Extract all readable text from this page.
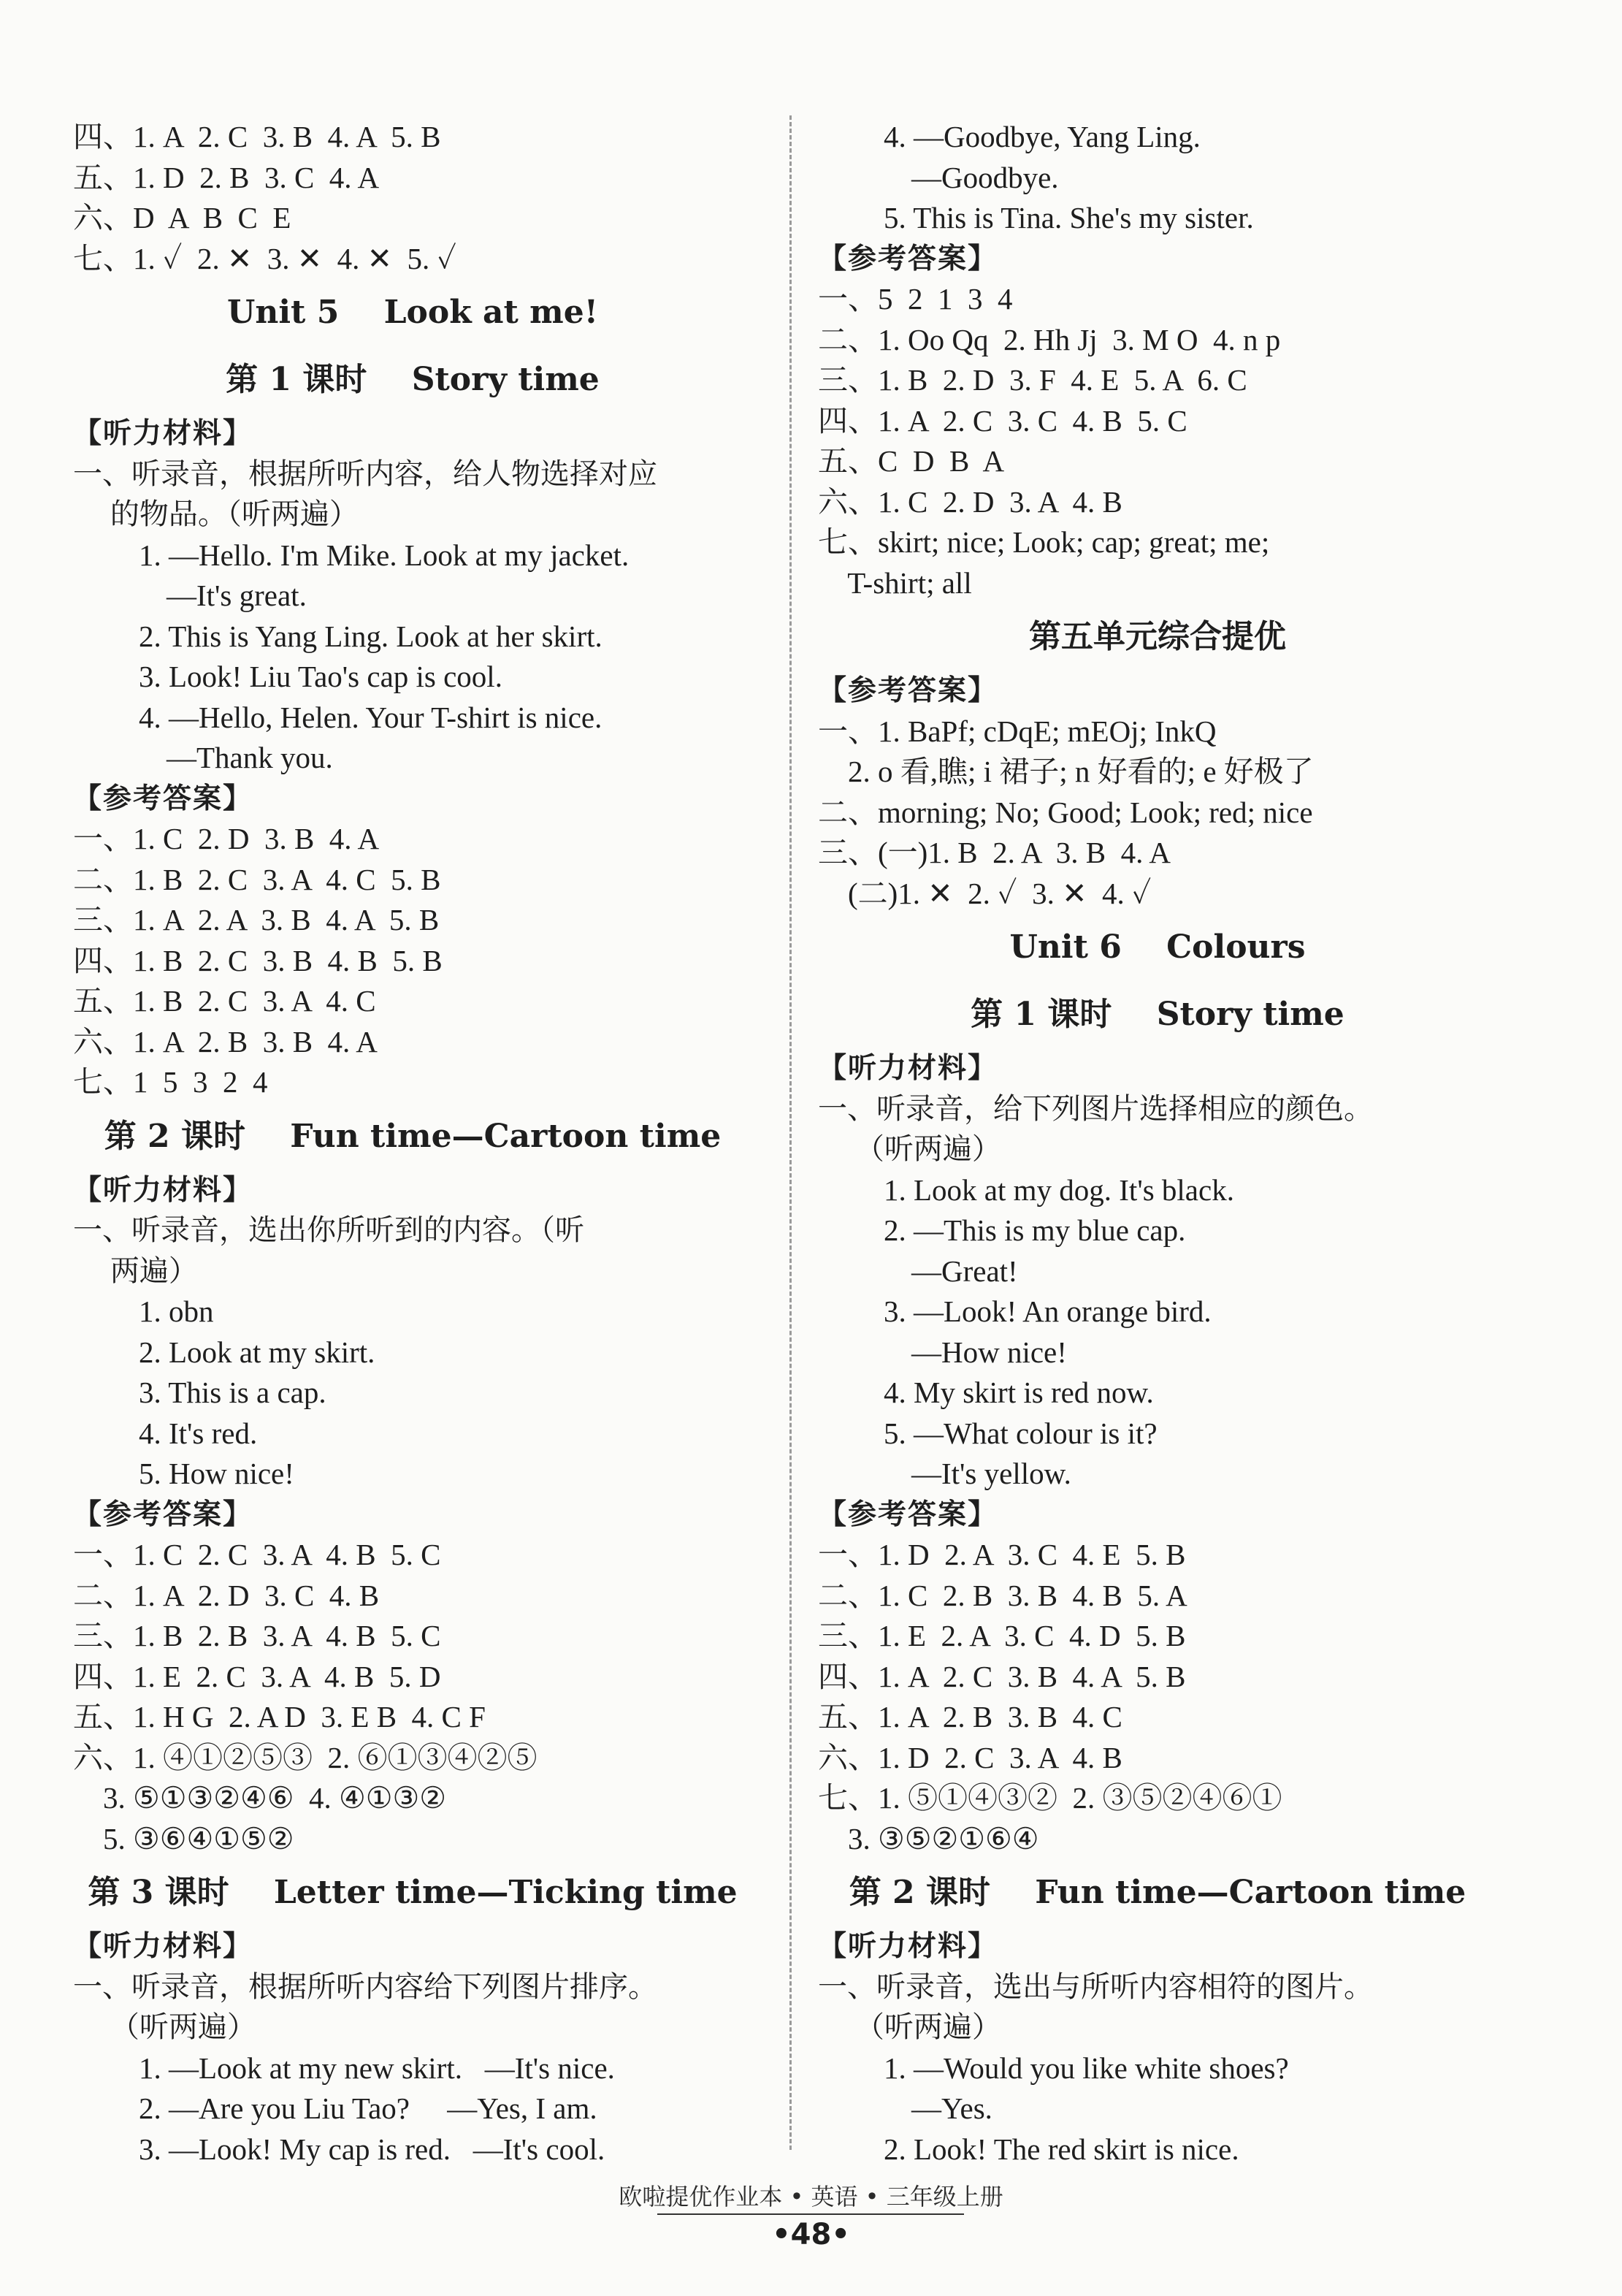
四、1. A  2. C  3. B  4. A  5. B
五、1. D  2. B  3. C  4. A
六、D  A  B  C  E
七、1. ✓  2. ✕  3. ✕  4. ✕  5. ✓
Unit 5    Look at me!
第 1 课时    Story time
【听力材料】
一、听录音，根据所听内容，给人物选择对应
的物品。（听两遍）
1. —Hello. I'm Mike. Look at my jacket.
—It's great.
2. This is Yang Ling. Look at her skirt.
3. Look! Liu Tao's cap is cool.
4. —Hello, Helen. Your T-shirt is nice.
—Thank you.
【参考答案】
一、1. C  2. D  3. B  4. A
二、1. B  2. C  3. A  4. C  5. B
三、1. A  2. A  3. B  4. A  5. B
四、1. B  2. C  3. B  4. B  5. B
五、1. B  2. C  3. A  4. C
六、1. A  2. B  3. B  4. A
七、1  5  3  2  4
第 2 课时    Fun time—Cartoon time
【听力材料】
一、听录音，选出你所听到的内容。（听
两遍）
1. obn
2. Look at my skirt.
3. This is a cap.
4. It's red.
5. How nice!
【参考答案】
一、1. C  2. C  3. A  4. B  5. C
二、1. A  2. D  3. C  4. B
三、1. B  2. B  3. A  4. B  5. C
四、1. E  2. C  3. A  4. B  5. D
五、1. H G  2. A D  3. E B  4. C F
六、1. ④①②⑤③  2. ⑥①③④②⑤
3. ⑤①③②④⑥  4. ④①③②
5. ③⑥④①⑤②
第 3 课时    Letter time—Ticking time
【听力材料】
一、听录音，根据所听内容给下列图片排序。
（听两遍）
1. —Look at my new skirt.   —It's nice.
2. —Are you Liu Tao?     —Yes, I am.
3. —Look! My cap is red.   —It's cool.
4. —Goodbye, Yang Ling.
—Goodbye.
5. This is Tina. She's my sister.
【参考答案】
一、5  2  1  3  4
二、1. Oo Qq  2. Hh Jj  3. M O  4. n p
三、1. B  2. D  3. F  4. E  5. A  6. C
四、1. A  2. C  3. C  4. B  5. C
五、C  D  B  A
六、1. C  2. D  3. A  4. B
七、skirt; nice; Look; cap; great; me;
T-shirt; all
第五单元综合提优
【参考答案】
一、1. BaPf; cDqE; mEOj; InkQ
2. o 看,瞧; i 裙子; n 好看的; e 好极了
二、morning; No; Good; Look; red; nice
三、(一)1. B  2. A  3. B  4. A
(二)1. ✕  2. ✓  3. ✕  4. ✓
Unit 6    Colours
第 1 课时    Story time
【听力材料】
一、听录音，给下列图片选择相应的颜色。
（听两遍）
1. Look at my dog. It's black.
2. —This is my blue cap.
—Great!
3. —Look! An orange bird.
—How nice!
4. My skirt is red now.
5. —What colour is it?
—It's yellow.
【参考答案】
一、1. D  2. A  3. C  4. E  5. B
二、1. C  2. B  3. B  4. B  5. A
三、1. E  2. A  3. C  4. D  5. B
四、1. A  2. C  3. B  4. A  5. B
五、1. A  2. B  3. B  4. C
六、1. D  2. C  3. A  4. B
七、1. ⑤①④③②  2. ③⑤②④⑥①
3. ③⑤②①⑥④
第 2 课时    Fun time—Cartoon time
【听力材料】
一、听录音，选出与所听内容相符的图片。
（听两遍）
1. —Would you like white shoes?
—Yes.
2. Look! The red skirt is nice.
欧啦提优作业本 • 英语 • 三年级上册
•48•
